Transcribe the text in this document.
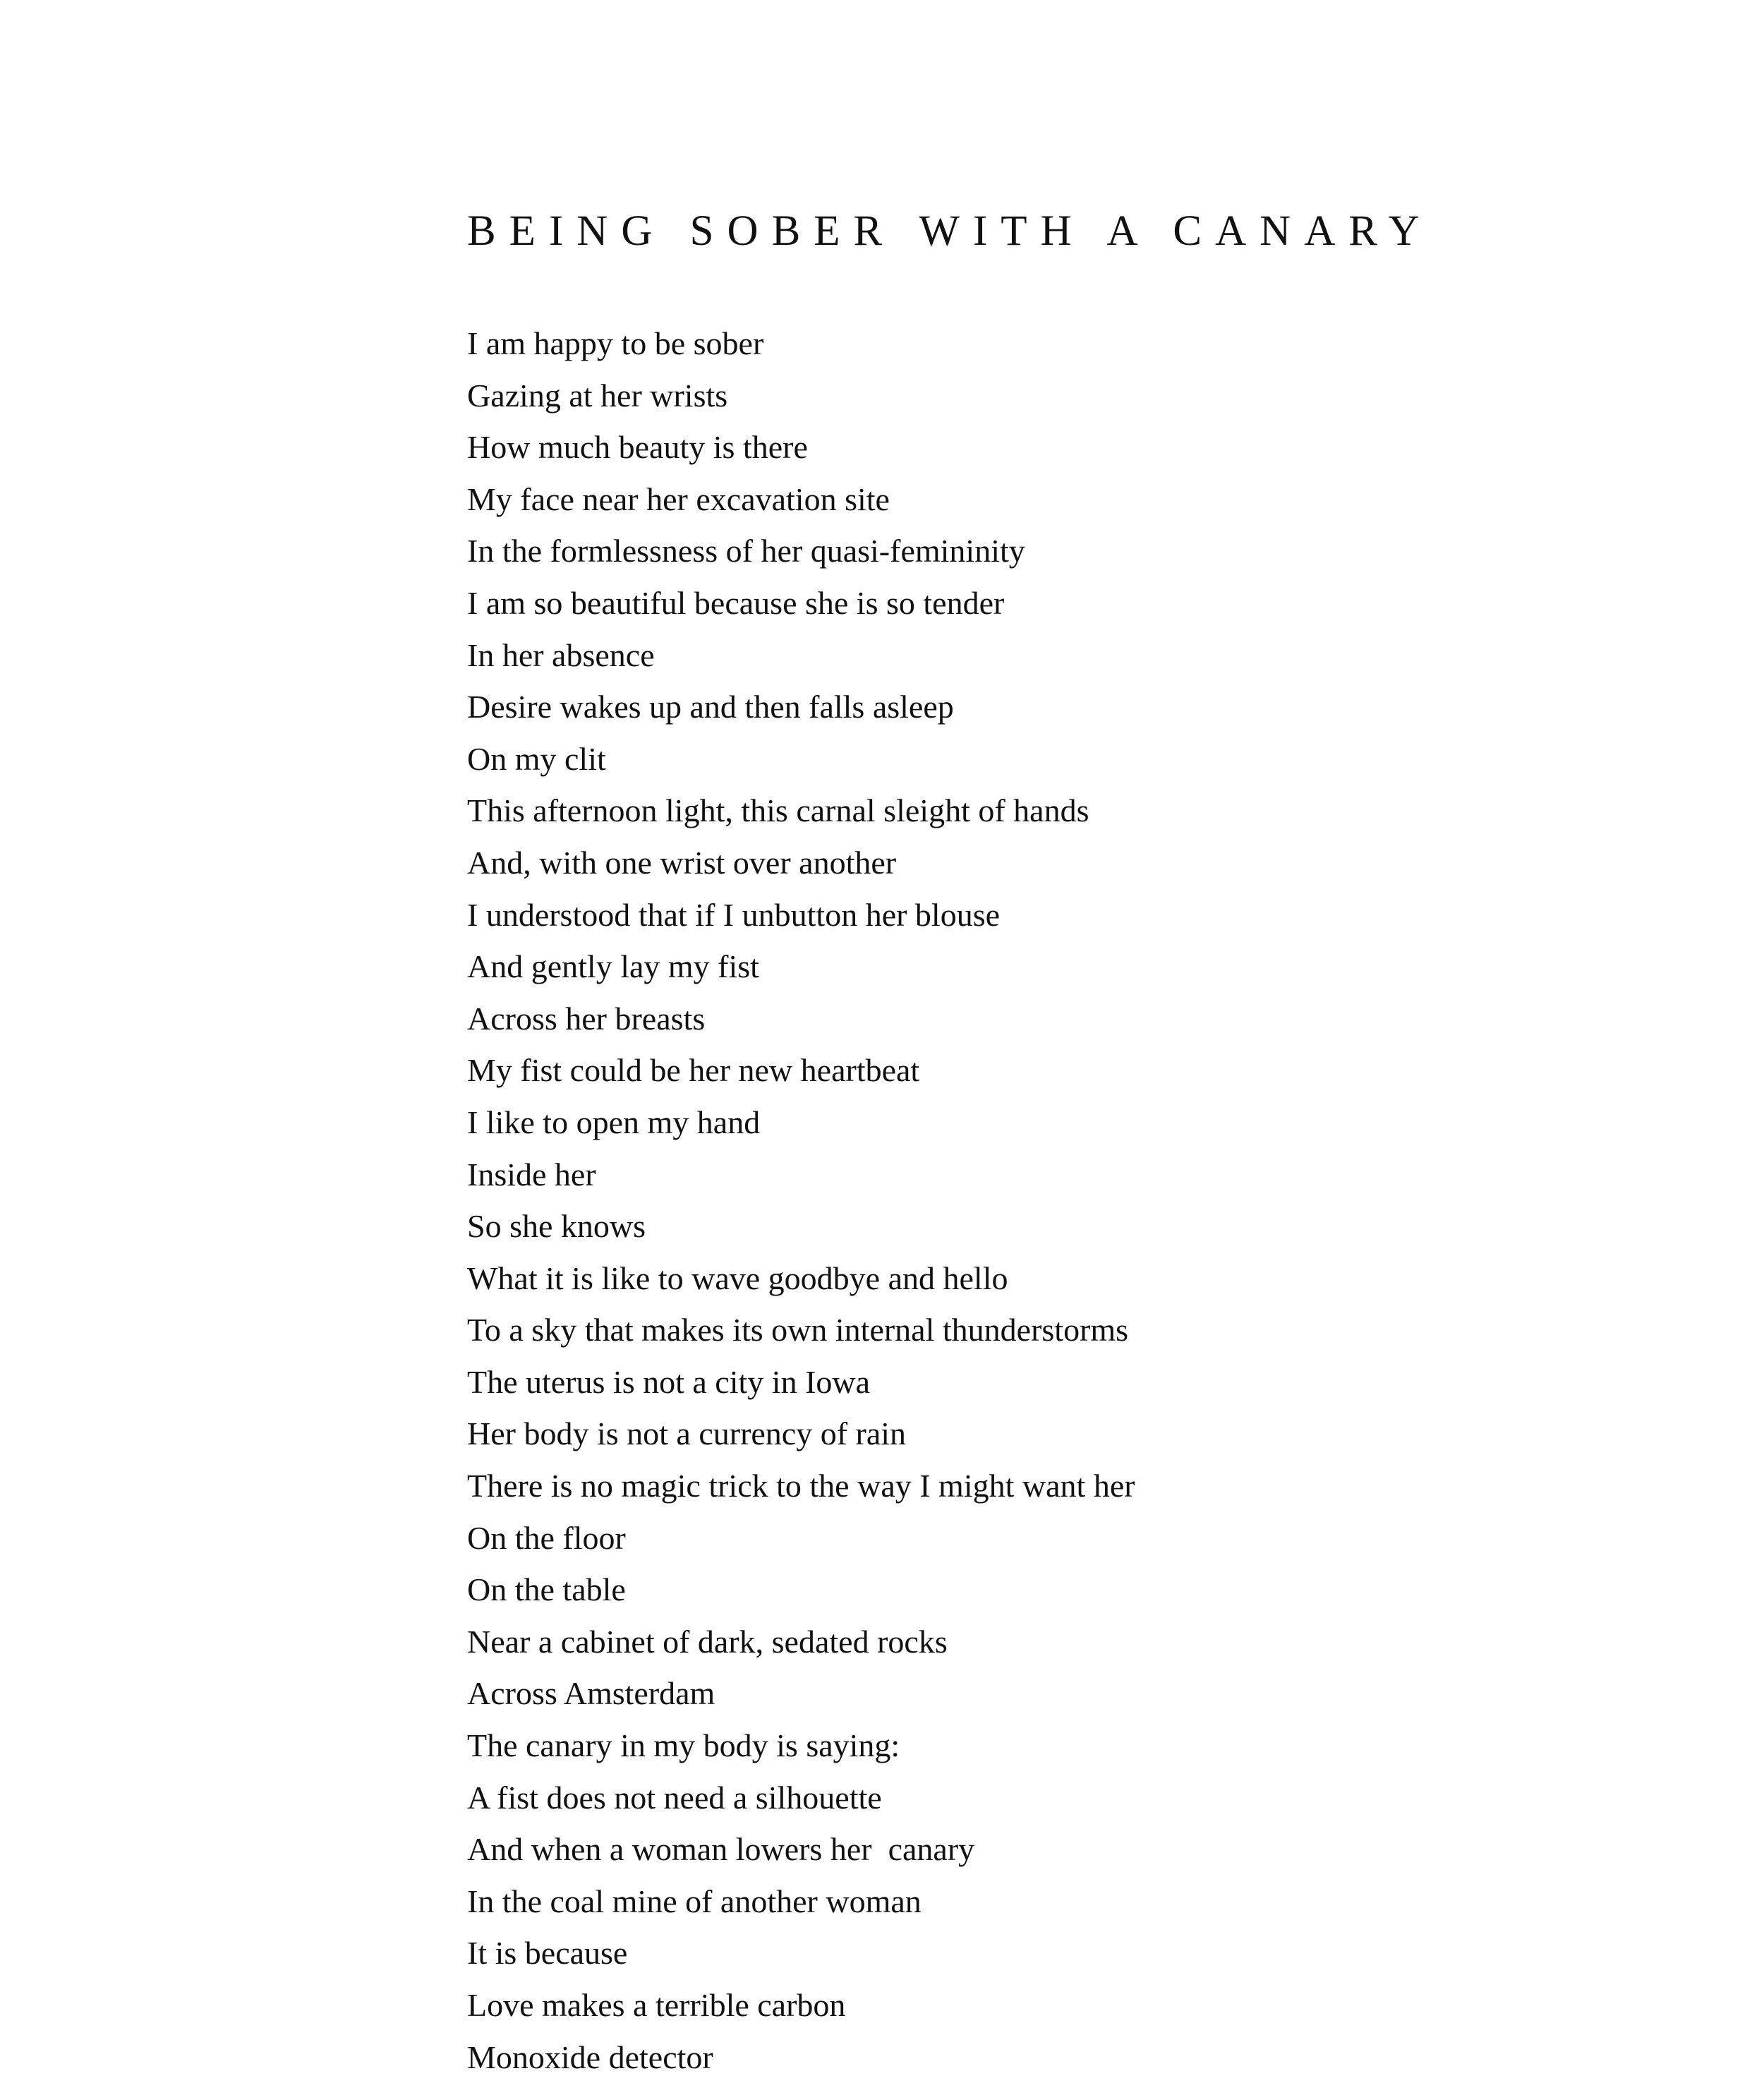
BEING SOBER WITH A CANARY
I am happy to be sober
Gazing at her wrists
How much beauty is there
My face near her excavation site
In the formlessness of her quasi-femininity
I am so beautiful because she is so tender
In her absence
Desire wakes up and then falls asleep
On my clit
This afternoon light, this carnal sleight of hands
And, with one wrist over another
I understood that if I unbutton her blouse
And gently lay my fist
Across her breasts
My fist could be her new heartbeat
I like to open my hand
Inside her
So she knows
What it is like to wave goodbye and hello
To a sky that makes its own internal thunderstorms
The uterus is not a city in Iowa
Her body is not a currency of rain
There is no magic trick to the way I might want her
On the floor
On the table
Near a cabinet of dark, sedated rocks
Across Amsterdam
The canary in my body is saying:
A fist does not need a silhouette
And when a woman lowers her  canary
In the coal mine of another woman
It is because
Love makes a terrible carbon
Monoxide detector
